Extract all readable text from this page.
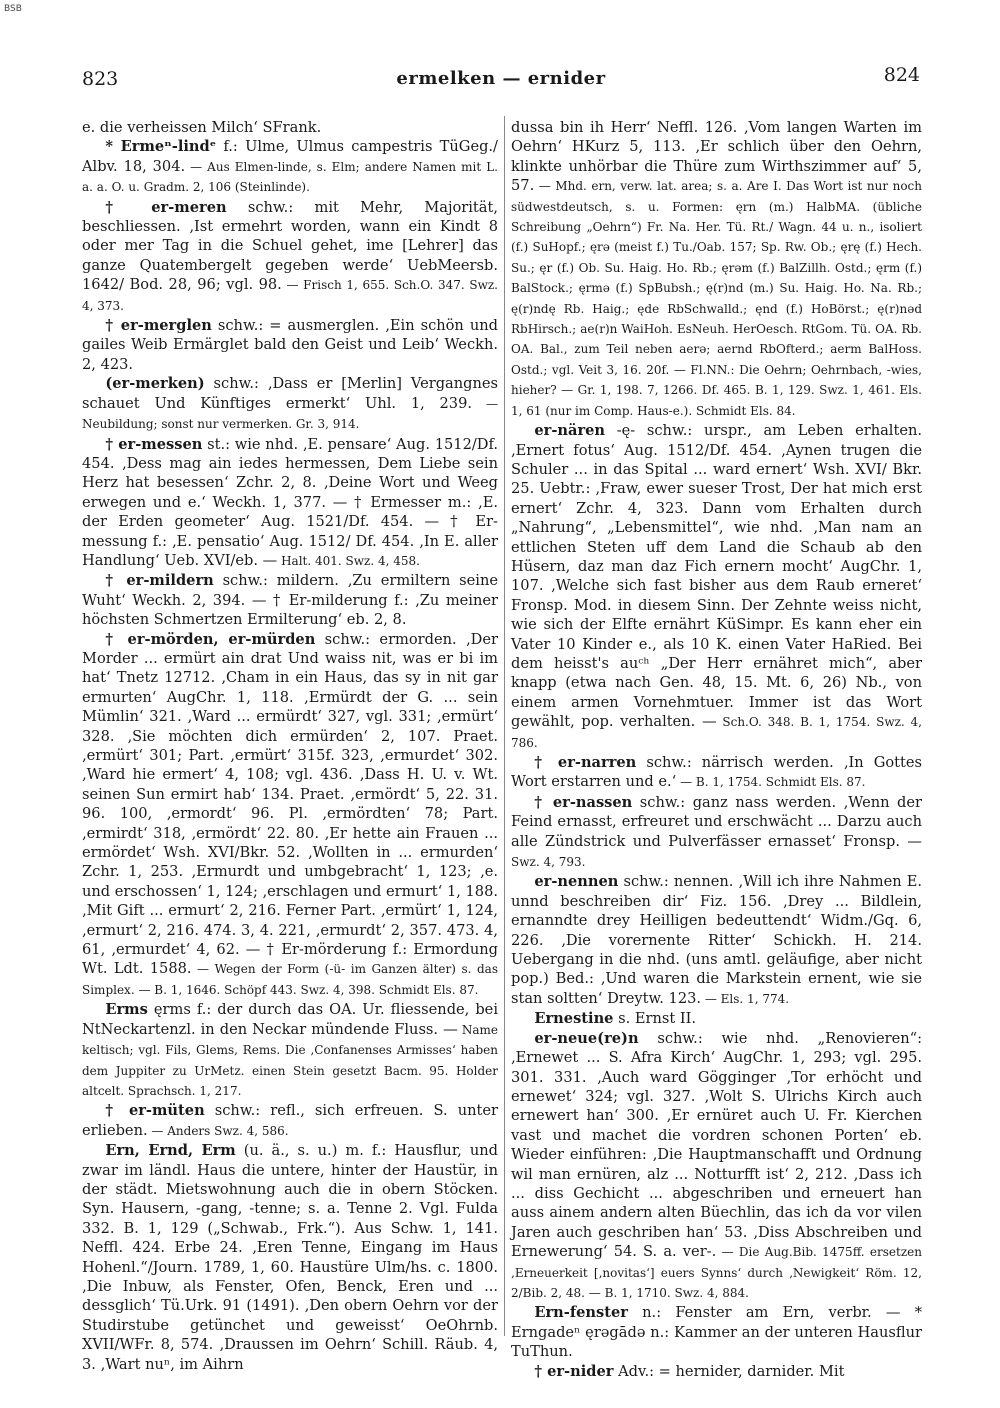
BSB
823	ermelken — ernider	824

e. die verheissen Milch‘ SFrank.

* Ermeⁿ-lindᵉ f.: Ulme, Ulmus campestris TüGeg./ Albv. 18, 304. — Aus Elmen-linde, s. Elm; andere Namen mit L. a. a. O. u. Gradm. 2, 106 (Steinlinde).

† er-meren schw.: mit Mehr, Majorität, beschliessen. ‚Ist ermehrt worden, wann ein Kindt 8 oder mer Tag in die Schuel gehet, ime [Lehrer] das ganze Quatembergelt gegeben werde‘ UebMeersb. 1642/ Bod. 28, 96; vgl. 98. — Frisch 1, 655. Sch.O. 347. Swz. 4, 373.

† er-merglen schw.: = ausmerglen. ‚Ein schön und gailes Weib Ermärglet bald den Geist und Leib‘ Weckh. 2, 423.

(er-merken) schw.: ‚Dass er [Merlin] Vergangnes schauet Und Künftiges ermerkt‘ Uhl. 1, 239. — Neubildung; sonst nur vermerken. Gr. 3, 914.

† er-messen st.: wie nhd. ‚E. pensare‘ Aug. 1512/Df. 454. ‚Dess mag ain iedes hermessen, Dem Liebe sein Herz hat besessen‘ Zchr. 2, 8. ‚Deine Wort und Weeg erwegen und e.‘ Weckh. 1, 377. — † Ermesser m.: ‚E. der Erden geometer‘ Aug. 1521/Df. 454. — † Er-messung f.: ‚E. pensatio‘ Aug. 1512/ Df. 454. ‚In E. aller Handlung‘ Ueb. XVI/eb. — Halt. 401. Swz. 4, 458.

† er-mildern schw.: mildern. ‚Zu ermiltern seine Wuht‘ Weckh. 2, 394. — † Er-milderung f.: ‚Zu meiner höchsten Schmertzen Ermilterung‘ eb. 2, 8.

† er-mörden, er-mürden schw.: ermorden. ‚Der Morder ... ermürt ain drat Und waiss nit, was er bi im hat‘ Tnetz 12712. ‚Cham in ein Haus, das sy in nit gar ermurten‘ AugChr. 1, 118. ‚Ermürdt der G. ... sein Mümlin‘ 321. ‚Ward ... ermürdt‘ 327, vgl. 331; ‚ermürt‘ 328. ‚Sie möchten dich ermürden‘ 2, 107. Praet. ‚ermürt‘ 301; Part. ‚ermürt‘ 315f. 323, ‚ermurdet‘ 302. ‚Ward hie ermert‘ 4, 108; vgl. 436. ‚Dass H. U. v. Wt. seinen Sun ermirt hab‘ 134. Praet. ‚ermördt‘ 5, 22. 31. 96. 100, ‚ermordt‘ 96. Pl. ‚ermördten‘ 78; Part. ‚ermirdt‘ 318, ‚ermördt‘ 22. 80. ‚Er hette ain Frauen ... ermördet‘ Wsh. XVI/Bkr. 52. ‚Wollten in ... ermurden‘ Zchr. 1, 253. ‚Ermurdt und umbgebracht‘ 1, 123; ‚e. und erschossen‘ 1, 124; ‚erschlagen und ermurt‘ 1, 188. ‚Mit Gift ... ermurt‘ 2, 216. Ferner Part. ‚ermürt‘ 1, 124, ‚ermurt‘ 2, 216. 474. 3, 4. 221, ‚ermurdt‘ 2, 357. 473. 4, 61, ‚ermurdet‘ 4, 62. — † Er-mörderung f.: Ermordung Wt. Ldt. 1588. — Wegen der Form (-ü- im Ganzen älter) s. das Simplex. — B. 1, 1646. Schöpf 443. Swz. 4, 398. Schmidt Els. 87.

Erms ęrms f.: der durch das OA. Ur. fliessende, bei NtNeckartenzl. in den Neckar mündende Fluss. — Name keltisch; vgl. Fils, Glems, Rems. Die ‚Confanenses Armisses‘ haben dem Juppiter zu UrMetz. einen Stein gesetzt Bacm. 95. Holder altcelt. Sprachsch. 1, 217.

† er-müten schw.: refl., sich erfreuen. S. unter erlieben. — Anders Swz. 4, 586.

Ern, Ernd, Erm (u. ä., s. u.) m. f.: Hausflur, und zwar im ländl. Haus die untere, hinter der Haustür, in der städt. Mietswohnung auch die in obern Stöcken. Syn. Hausern, -gang, -tenne; s. a. Tenne 2. Vgl. Fulda 332. B. 1, 129 („Schwab., Frk.“). Aus Schw. 1, 141. Neffl. 424. Erbe 24. ‚Eren Tenne, Eingang im Haus Hohenl.“/Journ. 1789, 1, 60. Haustüre Ulm/hs. c. 1800. ‚Die Inbuw, als Fenster, Ofen, Benck, Eren und ... dessglich‘ Tü.Urk. 91 (1491). ‚Den obern Oehrn vor der Studirstube getünchet und geweisst‘ OeOhrnb. XVII/WFr. 8, 574. ‚Draussen im Oehrn‘ Schill. Räub. 4, 3. ‚Wart nuⁿ, im Aihrn

dussa bin ih Herr‘ Neffl. 126. ‚Vom langen Warten im Oehrn‘ HKurz 5, 113. ‚Er schlich über den Oehrn, klinkte unhörbar die Thüre zum Wirthszimmer auf‘ 5, 57. — Mhd. ern, verw. lat. area; s. a. Are I. Das Wort ist nur noch südwestdeutsch, s. u. Formen: ęrn (m.) HalbMA. (übliche Schreibung „Oehrn“) Fr. Na. Her. Tü. Rt./ Wagn. 44 u. n., isoliert (f.) SuHopf.; ęrə (meist f.) Tu./Oab. 157; Sp. Rw. Ob.; ęrę (f.) Hech. Su.; ęr (f.) Ob. Su. Haig. Ho. Rb.; ęrəm (f.) BalZillh. Ostd.; ęrm (f.) BalStock.; ęrmə (f.) SpBubsh.; ę(r)nd (m.) Su. Haig. Ho. Na. Rb.; ę(r)ndę Rb. Haig.; ęde RbSchwalld.; ęnd (f.) HoBörst.; ę(r)nəd RbHirsch.; ae(r)n WaiHoh. EsNeuh. HerOesch. RtGom. Tü. OA. Rb. OA. Bal., zum Teil neben aerə; aernd RbOfterd.; aerm BalHoss. Ostd.; vgl. Veit 3, 16. 20f. — Fl.NN.: Die Oehrn; Oehrnbach, -wies, hieher? — Gr. 1, 198. 7, 1266. Df. 465. B. 1, 129. Swz. 1, 461. Els. 1, 61 (nur im Comp. Haus-e.). Schmidt Els. 84.

er-nären -ę- schw.: urspr., am Leben erhalten. ‚Ernert fotus‘ Aug. 1512/Df. 454. ‚Aynen trugen die Schuler ... in das Spital ... ward ernert‘ Wsh. XVI/ Bkr. 25. Uebtr.: ‚Fraw, ewer sueser Trost, Der hat mich erst ernert‘ Zchr. 4, 323. Dann vom Erhalten durch „Nahrung“, „Lebensmittel“, wie nhd. ‚Man nam an ettlichen Steten uff dem Land die Schaub ab den Hüsern, daz man daz Fich ernern mocht‘ AugChr. 1, 107. ‚Welche sich fast bisher aus dem Raub erneret‘ Fronsp. Mod. in diesem Sinn. Der Zehnte weiss nicht, wie sich der Elfte ernährt KüSimpr. Es kann eher ein Vater 10 Kinder e., als 10 K. einen Vater HaRied. Bei dem heisst's auᶜʰ „Der Herr ernähret mich“, aber knapp (etwa nach Gen. 48, 15. Mt. 6, 26) Nb., von einem armen Vornehmtuer. Immer ist das Wort gewählt, pop. verhalten. — Sch.O. 348. B. 1, 1754. Swz. 4, 786.

† er-narren schw.: närrisch werden. ‚In Gottes Wort erstarren und e.‘ — B. 1, 1754. Schmidt Els. 87.

† er-nassen schw.: ganz nass werden. ‚Wenn der Feind ernasst, erfreuret und erschwächt ... Darzu auch alle Zündstrick und Pulverfässer ernasset‘ Fronsp. — Swz. 4, 793.

er-nennen schw.: nennen. ‚Will ich ihre Nahmen E. unnd beschreiben dir‘ Fiz. 156. ‚Drey ... Bildlein, ernanndte drey Heilligen bedeuttendt‘ Widm./Gq. 6, 226. ‚Die vorernente Ritter‘ Schickh. H. 214. Uebergang in die nhd. (uns amtl. geläufige, aber nicht pop.) Bed.: ‚Und waren die Markstein ernent, wie sie stan soltten‘ Dreytw. 123. — Els. 1, 774.

Ernestine s. Ernst II.

er-neue(re)n schw.: wie nhd. „Renovieren“: ‚Ernewet ... S. Afra Kirch‘ AugChr. 1, 293; vgl. 295. 301. 331. ‚Auch ward Gögginger ‚Tor erhöcht und ernewet‘ 324; vgl. 327. ‚Wolt S. Ulrichs Kirch auch ernewert han‘ 300. ‚Er ernüret auch U. Fr. Kierchen vast und machet die vordren schonen Porten‘ eb. Wieder einführen: ‚Die Hauptmanschafft und Ordnung wil man ernüren, alz ... Notturfft ist‘ 2, 212. ‚Dass ich ... diss Gechicht ... abgeschriben und erneuert han auss ainem andern alten Büechlin, das ich da vor vilen Jaren auch geschriben han‘ 53. ‚Diss Abschreiben und Ernewerung‘ 54. S. a. ver-. — Die Aug.Bib. 1475ff. ersetzen ‚Erneuerkeit [‚novitas‘] euers Synns‘ durch ‚Newigkeit‘ Röm. 12, 2/Bib. 2, 48. — B. 1, 1710. Swz. 4, 884.

Ern-fenster n.: Fenster am Ern, verbr. — * Erngadeⁿ ęrəgādə n.: Kammer an der unteren Hausflur TuThun.

† er-nider Adv.: = hernider, darnider. Mit
